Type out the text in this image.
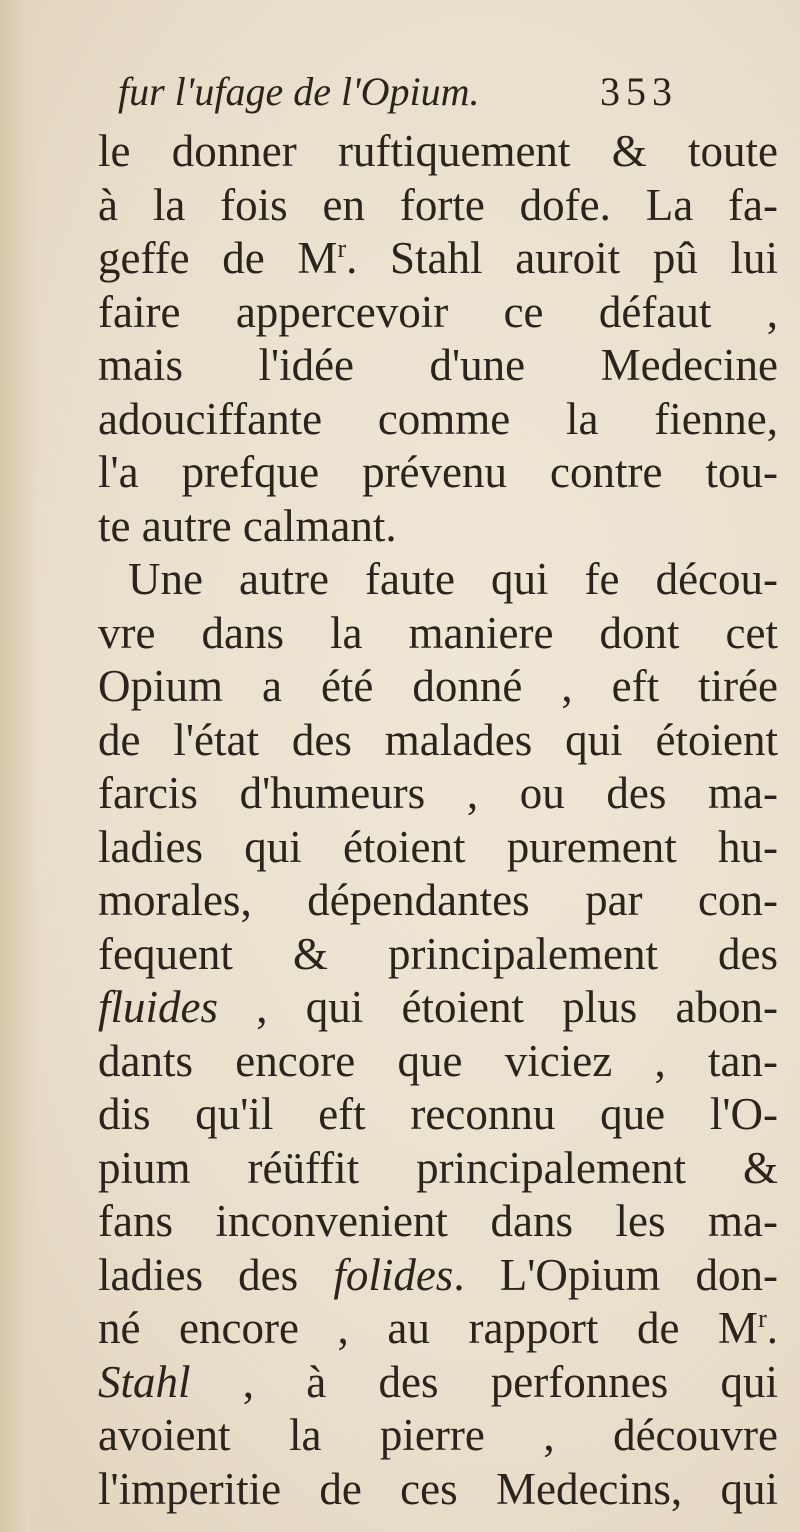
fur l'ufage de l'Opium.	353
le donner ruftiquement & toute
à la fois en forte dofe. La fa-
geffe de $M^r$. Stahl auroit pû lui
faire appercevoir ce défaut ,
mais l'idée d'une Medecine
adouciffante comme la fienne,
l'a prefque prévenu contre tou-
te autre calmant.
Une autre faute qui fe décou-
vre dans la maniere dont cet
Opium a été donné , eft tirée
de l'état des malades qui étoient
farcis d'humeurs , ou des ma-
ladies qui étoient purement hu-
morales, dépendantes par con-
fequent & principalement des
fluides , qui étoient plus abon-
dants encore que viciez , tan-
dis qu'il eft reconnu que l'O-
pium réüffit principalement &
fans inconvenient dans les ma-
ladies des folides. L'Opium don-
né encore , au rapport de $M^r$.
Stahl , à des perfonnes qui
avoient la pierre , découvre
l'imperitie de ces Medecins, qui
